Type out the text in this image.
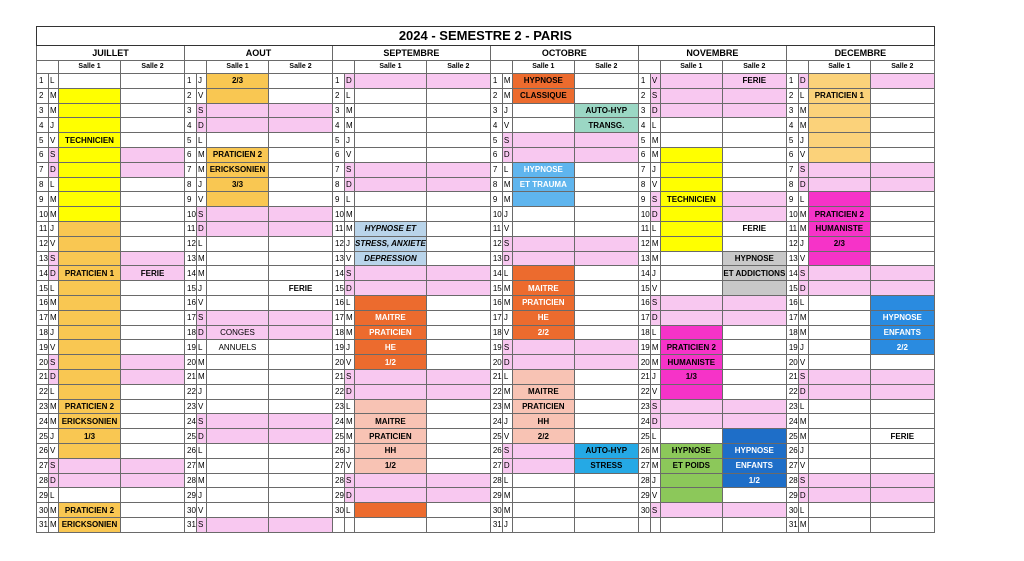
2024 - SEMESTRE 2 - PARIS																							
JUILLET				AOUT				SEPTEMBRE				OCTOBRE				NOVEMBRE				DECEMBRE			
		Salle 1	Salle 2			Salle 1	Salle 2			Salle 1	Salle 2			Salle 1	Salle 2			Salle 1	Salle 2			Salle 1	Salle 2
1	L			1	J	2/3		1	D			1	M	HYPNOSE		1	V		FERIE	1	D		
2	M			2	V			2	L			2	M	CLASSIQUE		2	S			2	L	PRATICIEN 1	
3	M			3	S			3	M			3	J		AUTO-HYP	3	D			3	M		
4	J			4	D			4	M			4	V		TRANSG.	4	L			4	M		
5	V	TECHNICIEN		5	L			5	J			5	S			5	M			5	J		
6	S			6	M	PRATICIEN 2		6	V			6	D			6	M			6	V		
7	D			7	M	ERICKSONIEN		7	S			7	L	HYPNOSE		7	J			7	S		
8	L			8	J	3/3		8	D			8	M	ET TRAUMA		8	V			8	D		
9	M			9	V			9	L			9	M			9	S	TECHNICIEN		9	L		
10	M			10	S			10	M			10	J			10	D			10	M	PRATICIEN 2	
11	J			11	D			11	M	HYPNOSE ET		11	V			11	L		FERIE	11	M	HUMANISTE	
12	V			12	L			12	J	STRESS, ANXIETE		12	S			12	M			12	J	2/3	
13	S			13	M			13	V	DEPRESSION		13	D			13	M		HYPNOSE	13	V		
14	D	PRATICIEN 1	FERIE	14	M			14	S			14	L			14	J		ET ADDICTIONS	14	S		
15	L			15	J		FERIE	15	D			15	M	MAITRE		15	V			15	D		
16	M			16	V			16	L			16	M	PRATICIEN		16	S			16	L		
17	M			17	S			17	M	MAITRE		17	J	HE		17	D			17	M		HYPNOSE
18	J			18	D	CONGES		18	M	PRATICIEN		18	V	2/2		18	L			18	M		ENFANTS
19	V			19	L	ANNUELS		19	J	HE		19	S			19	M	PRATICIEN 2		19	J		2/2
20	S			20	M			20	V	1/2		20	D			20	M	HUMANISTE		20	V		
21	D			21	M			21	S			21	L			21	J	1/3		21	S		
22	L			22	J			22	D			22	M	MAITRE		22	V			22	D		
23	M	PRATICIEN 2		23	V			23	L			23	M	PRATICIEN		23	S			23	L		
24	M	ERICKSONIEN		24	S			24	M	MAITRE		24	J	HH		24	D			24	M		
25	J	1/3		25	D			25	M	PRATICIEN		25	V	2/2		25	L			25	M		FERIE
26	V			26	L			26	J	HH		26	S		AUTO-HYP	26	M	HYPNOSE	HYPNOSE	26	J		
27	S			27	M			27	V	1/2		27	D		STRESS	27	M	ET POIDS	ENFANTS	27	V		
28	D			28	M			28	S			28	L			28	J		1/2	28	S		
29	L			29	J			29	D			29	M			29	V			29	D		
30	M	PRATICIEN 2		30	V			30	L			30	M			30	S			30	L		
31	M	ERICKSONIEN		31	S							31	J							31	M		
